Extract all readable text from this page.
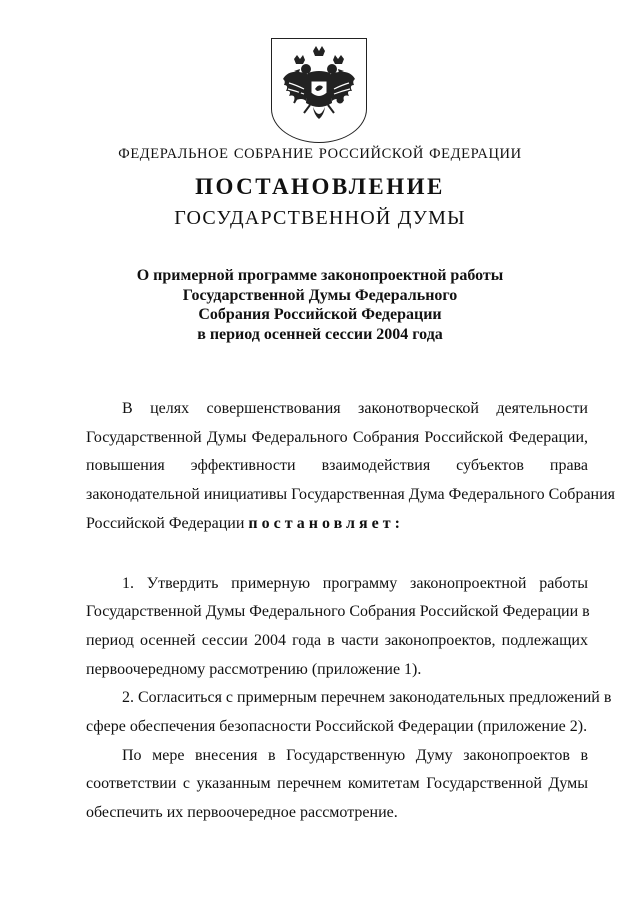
ФЕДЕРАЛЬНОЕ СОБРАНИЕ РОССИЙСКОЙ ФЕДЕРАЦИИ
ПОСТАНОВЛЕНИЕ
ГОСУДАРСТВЕННОЙ ДУМЫ
О примерной программе законопроектной работы
Государственной Думы Федерального
Собрания Российской Федерации
в период осенней сессии 2004 года

В целях совершенствования законотворческой деятельности
Государственной Думы Федерального Собрания Российской Федерации,
повышения эффективности взаимодействия субъектов права
законодательной инициативы Государственная Дума Федерального Собрания
Российской Федерации постановляет:

1. Утвердить примерную программу законопроектной работы
Государственной Думы Федерального Собрания Российской Федерации в
период осенней сессии 2004 года в части законопроектов, подлежащих
первоочередному рассмотрению (приложение 1).

2. Согласиться с примерным перечнем законодательных предложений в
сфере обеспечения безопасности Российской Федерации (приложение 2).

По мере внесения в Государственную Думу законопроектов в
соответствии с указанным перечнем комитетам Государственной Думы
обеспечить их первоочередное рассмотрение.
